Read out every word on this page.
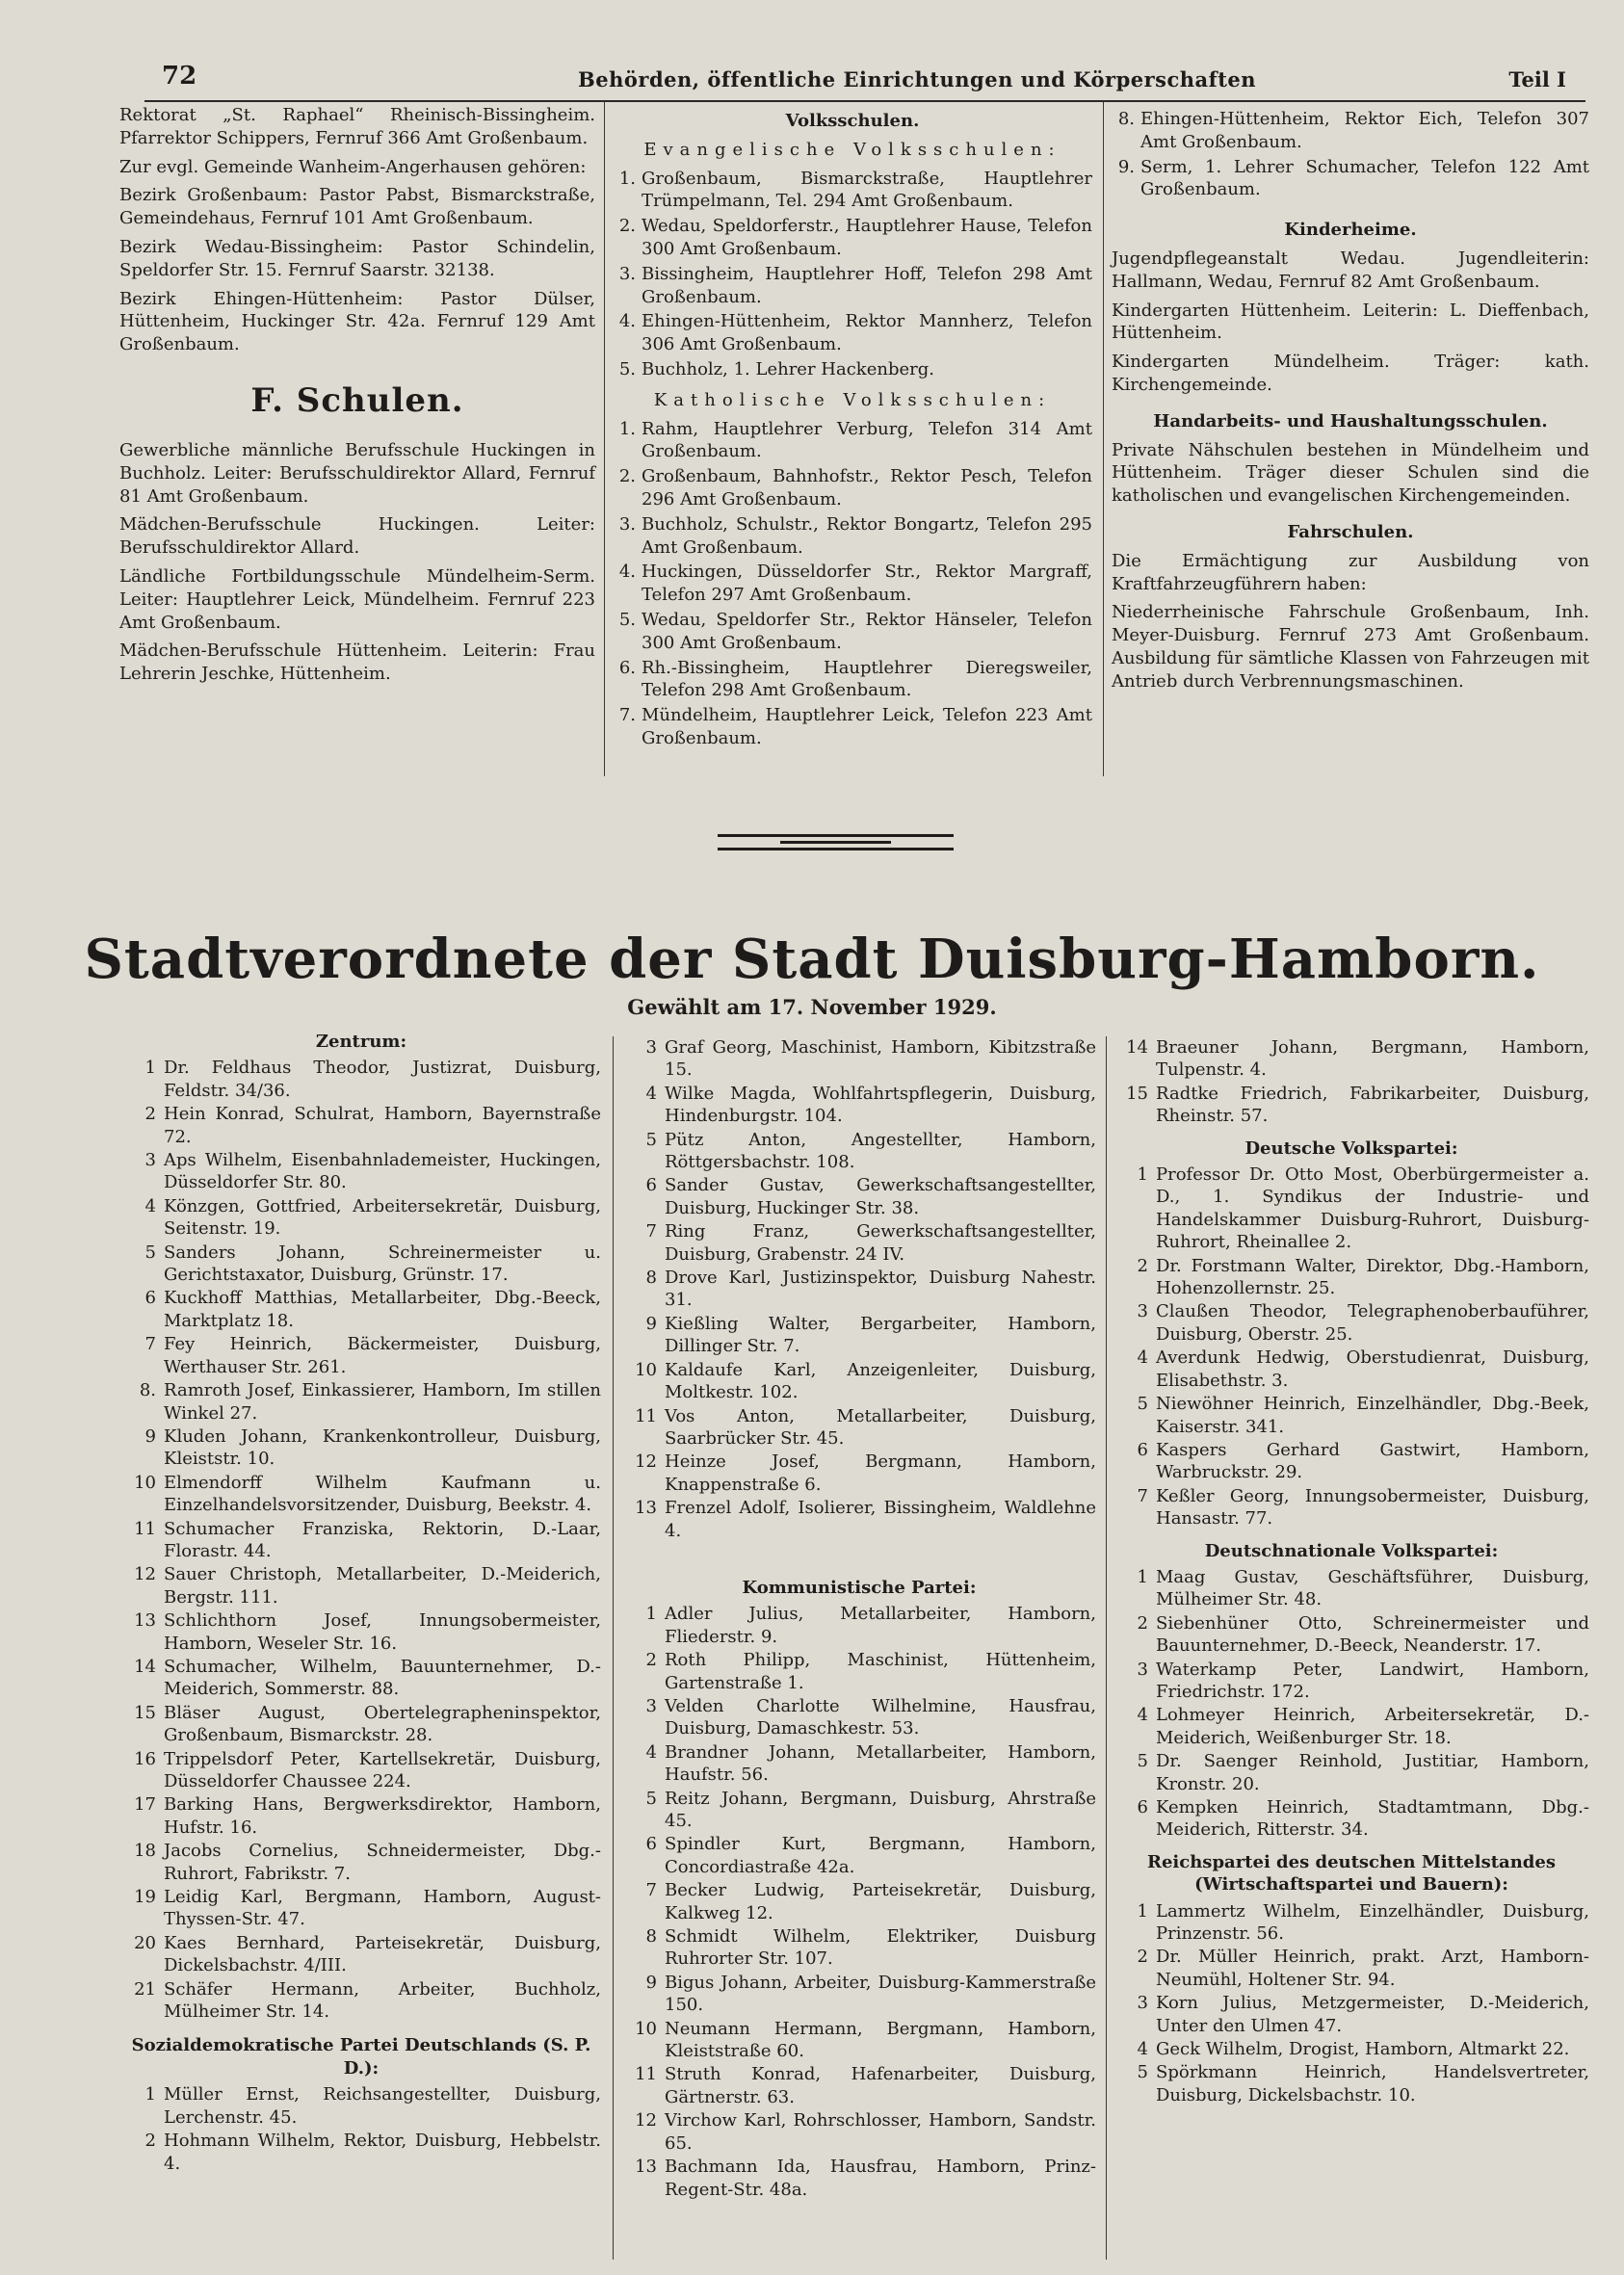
72	Behörden, öffentliche Einrichtungen und Körperschaften	Teil I

Rektorat „St. Raphael“ Rheinisch-Bissingheim. Pfarrektor Schippers, Fernruf 366 Amt Großenbaum.

Zur evgl. Gemeinde Wanheim-Angerhausen gehören:

Bezirk Großenbaum: Pastor Pabst, Bismarckstraße, Gemeindehaus, Fernruf 101 Amt Großenbaum.

Bezirk Wedau-Bissingheim: Pastor Schindelin, Speldorfer Str. 15. Fernruf Saarstr. 32138.

Bezirk Ehingen-Hüttenheim: Pastor Dülser, Hüttenheim, Huckinger Str. 42a. Fernruf 129 Amt Großenbaum.

F. Schulen.

Gewerbliche männliche Berufsschule Huckingen in Buchholz. Leiter: Berufsschuldirektor Allard, Fernruf 81 Amt Großenbaum.

Mädchen-Berufsschule Huckingen. Leiter: Berufsschuldirektor Allard.

Ländliche Fortbildungsschule Mündelheim-Serm. Leiter: Hauptlehrer Leick, Mündelheim. Fernruf 223 Amt Großenbaum.

Mädchen-Berufsschule Hüttenheim. Leiterin: Frau Lehrerin Jeschke, Hüttenheim.

Volksschulen.
Evangelische Volksschulen:
1. Großenbaum, Bismarckstraße, Hauptlehrer Trümpelmann, Tel. 294 Amt Großenbaum.
2. Wedau, Speldorferstr., Hauptlehrer Hause, Telefon 300 Amt Großenbaum.
3. Bissingheim, Hauptlehrer Hoff, Telefon 298 Amt Großenbaum.
4. Ehingen-Hüttenheim, Rektor Mannherz, Telefon 306 Amt Großenbaum.
5. Buchholz, 1. Lehrer Hackenberg.
Katholische Volksschulen:
1. Rahm, Hauptlehrer Verburg, Telefon 314 Amt Großenbaum.
2. Großenbaum, Bahnhofstr., Rektor Pesch, Telefon 296 Amt Großenbaum.
3. Buchholz, Schulstr., Rektor Bongartz, Telefon 295 Amt Großenbaum.
4. Huckingen, Düsseldorfer Str., Rektor Margraff, Telefon 297 Amt Großenbaum.
5. Wedau, Speldorfer Str., Rektor Hänseler, Telefon 300 Amt Großenbaum.
6. Rh.-Bissingheim, Hauptlehrer Dieregsweiler, Telefon 298 Amt Großenbaum.
7. Mündelheim, Hauptlehrer Leick, Telefon 223 Amt Großenbaum.
8. Ehingen-Hüttenheim, Rektor Eich, Telefon 307 Amt Großenbaum.
9. Serm, 1. Lehrer Schumacher, Telefon 122 Amt Großenbaum.
Kinderheime.

Jugendpflegeanstalt Wedau. Jugendleiterin: Hallmann, Wedau, Fernruf 82 Amt Großenbaum.

Kindergarten Hüttenheim. Leiterin: L. Dieffenbach, Hüttenheim.

Kindergarten Mündelheim. Träger: kath. Kirchengemeinde.

Handarbeits- und Haushaltungsschulen.

Private Nähschulen bestehen in Mündelheim und Hüttenheim. Träger dieser Schulen sind die katholischen und evangelischen Kirchengemeinden.

Fahrschulen.

Die Ermächtigung zur Ausbildung von Kraftfahrzeugführern haben:

Niederrheinische Fahrschule Großenbaum, Inh. Meyer-Duisburg. Fernruf 273 Amt Großenbaum. Ausbildung für sämtliche Klassen von Fahrzeugen mit Antrieb durch Verbrennungsmaschinen.

Stadtverordnete der Stadt Duisburg-Hamborn.
Gewählt am 17. November 1929.
Zentrum:
1 Dr. Feldhaus Theodor, Justizrat, Duisburg, Feldstr. 34/36.
2 Hein Konrad, Schulrat, Hamborn, Bayernstraße 72.
3 Aps Wilhelm, Eisenbahnlademeister, Huckingen, Düsseldorfer Str. 80.
4 Könzgen, Gottfried, Arbeitersekretär, Duisburg, Seitenstr. 19.
5 Sanders Johann, Schreinermeister u. Gerichtstaxator, Duisburg, Grünstr. 17.
6 Kuckhoff Matthias, Metallarbeiter, Dbg.-Beeck, Marktplatz 18.
7 Fey Heinrich, Bäckermeister, Duisburg, Werthauser Str. 261.
8. Ramroth Josef, Einkassierer, Hamborn, Im stillen Winkel 27.
9 Kluden Johann, Krankenkontrolleur, Duisburg, Kleiststr. 10.
10 Elmendorff Wilhelm Kaufmann u. Einzelhandelsvorsitzender, Duisburg, Beekstr. 4.
11 Schumacher Franziska, Rektorin, D.-Laar, Florastr. 44.
12 Sauer Christoph, Metallarbeiter, D.-Meiderich, Bergstr. 111.
13 Schlichthorn Josef, Innungsobermeister, Hamborn, Weseler Str. 16.
14 Schumacher, Wilhelm, Bauunternehmer, D.-Meiderich, Sommerstr. 88.
15 Bläser August, Obertelegrapheninspektor, Großenbaum, Bismarckstr. 28.
16 Trippelsdorf Peter, Kartellsekretär, Duisburg, Düsseldorfer Chaussee 224.
17 Barking Hans, Bergwerksdirektor, Hamborn, Hufstr. 16.
18 Jacobs Cornelius, Schneidermeister, Dbg.-Ruhrort, Fabrikstr. 7.
19 Leidig Karl, Bergmann, Hamborn, August-Thyssen-Str. 47.
20 Kaes Bernhard, Parteisekretär, Duisburg, Dickelsbachstr. 4/III.
21 Schäfer Hermann, Arbeiter, Buchholz, Mülheimer Str. 14.
Sozialdemokratische Partei Deutschlands (S. P. D.):
1 Müller Ernst, Reichsangestellter, Duisburg, Lerchenstr. 45.
2 Hohmann Wilhelm, Rektor, Duisburg, Hebbelstr. 4.
3 Graf Georg, Maschinist, Hamborn, Kibitzstraße 15.
4 Wilke Magda, Wohlfahrtspflegerin, Duisburg, Hindenburgstr. 104.
5 Pütz Anton, Angestellter, Hamborn, Röttgersbachstr. 108.
6 Sander Gustav, Gewerkschaftsangestellter, Duisburg, Huckinger Str. 38.
7 Ring Franz, Gewerkschaftsangestellter, Duisburg, Grabenstr. 24 IV.
8 Drove Karl, Justizinspektor, Duisburg Nahestr. 31.
9 Kießling Walter, Bergarbeiter, Hamborn, Dillinger Str. 7.
10 Kaldaufe Karl, Anzeigenleiter, Duisburg, Moltkestr. 102.
11 Vos Anton, Metallarbeiter, Duisburg, Saarbrücker Str. 45.
12 Heinze Josef, Bergmann, Hamborn, Knappenstraße 6.
13 Frenzel Adolf, Isolierer, Bissingheim, Waldlehne 4.
Kommunistische Partei:
1 Adler Julius, Metallarbeiter, Hamborn, Fliederstr. 9.
2 Roth Philipp, Maschinist, Hüttenheim, Gartenstraße 1.
3 Velden Charlotte Wilhelmine, Hausfrau, Duisburg, Damaschkestr. 53.
4 Brandner Johann, Metallarbeiter, Hamborn, Haufstr. 56.
5 Reitz Johann, Bergmann, Duisburg, Ahrstraße 45.
6 Spindler Kurt, Bergmann, Hamborn, Concordiastraße 42a.
7 Becker Ludwig, Parteisekretär, Duisburg, Kalkweg 12.
8 Schmidt Wilhelm, Elektriker, Duisburg Ruhrorter Str. 107.
9 Bigus Johann, Arbeiter, Duisburg-Kammerstraße 150.
10 Neumann Hermann, Bergmann, Hamborn, Kleiststraße 60.
11 Struth Konrad, Hafenarbeiter, Duisburg, Gärtnerstr. 63.
12 Virchow Karl, Rohrschlosser, Hamborn, Sandstr. 65.
13 Bachmann Ida, Hausfrau, Hamborn, Prinz-Regent-Str. 48a.
14 Braeuner Johann, Bergmann, Hamborn, Tulpenstr. 4.
15 Radtke Friedrich, Fabrikarbeiter, Duisburg, Rheinstr. 57.
Deutsche Volkspartei:
1 Professor Dr. Otto Most, Oberbürgermeister a. D., 1. Syndikus der Industrie- und Handelskammer Duisburg-Ruhrort, Duisburg-Ruhrort, Rheinallee 2.
2 Dr. Forstmann Walter, Direktor, Dbg.-Hamborn, Hohenzollernstr. 25.
3 Claußen Theodor, Telegraphenoberbauführer, Duisburg, Oberstr. 25.
4 Averdunk Hedwig, Oberstudienrat, Duisburg, Elisabethstr. 3.
5 Niewöhner Heinrich, Einzelhändler, Dbg.-Beek, Kaiserstr. 341.
6 Kaspers Gerhard Gastwirt, Hamborn, Warbruckstr. 29.
7 Keßler Georg, Innungsobermeister, Duisburg, Hansastr. 77.
Deutschnationale Volkspartei:
1 Maag Gustav, Geschäftsführer, Duisburg, Mülheimer Str. 48.
2 Siebenhüner Otto, Schreinermeister und Bauunternehmer, D.-Beeck, Neanderstr. 17.
3 Waterkamp Peter, Landwirt, Hamborn, Friedrichstr. 172.
4 Lohmeyer Heinrich, Arbeitersekretär, D.-Meiderich, Weißenburger Str. 18.
5 Dr. Saenger Reinhold, Justitiar, Hamborn, Kronstr. 20.
6 Kempken Heinrich, Stadtamtmann, Dbg.-Meiderich, Ritterstr. 34.
Reichspartei des deutschen Mittelstandes (Wirtschaftspartei und Bauern):
1 Lammertz Wilhelm, Einzelhändler, Duisburg, Prinzenstr. 56.
2 Dr. Müller Heinrich, prakt. Arzt, Hamborn-Neumühl, Holtener Str. 94.
3 Korn Julius, Metzgermeister, D.-Meiderich, Unter den Ulmen 47.
4 Geck Wilhelm, Drogist, Hamborn, Altmarkt 22.
5 Spörkmann Heinrich, Handelsvertreter, Duisburg, Dickelsbachstr. 10.
